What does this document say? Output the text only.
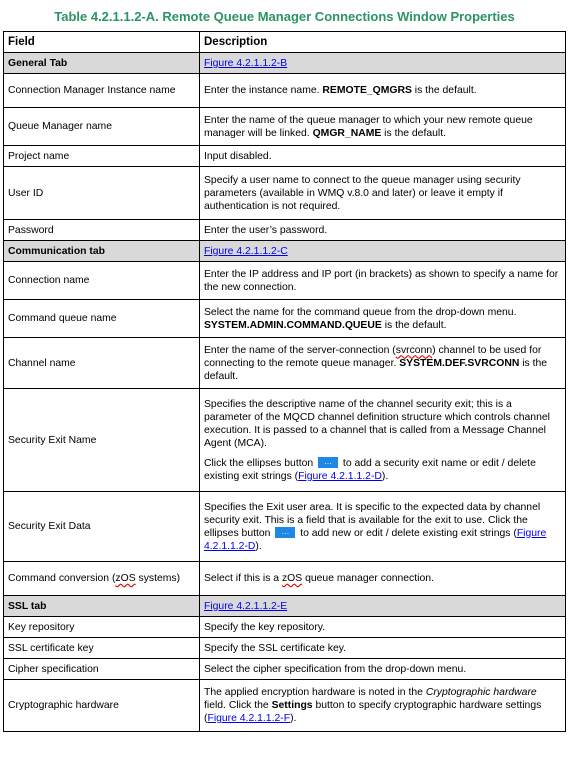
Table 4.2.1.1.2-A. Remote Queue Manager Connections Window Properties
Field	Description
General Tab	Figure 4.2.1.1.2-B
Connection Manager Instance name	Enter the instance name. REMOTE_QMGRS is the default.
Queue Manager name	Enter the name of the queue manager to which your new remote queue manager will be linked. QMGR_NAME is the default.
Project name	Input disabled.
User ID	Specify a user name to connect to the queue manager using security parameters (available in WMQ v.8.0 and later) or leave it empty if authentication is not required.
Password	Enter the user’s password.
Communication tab	Figure 4.2.1.1.2-C
Connection name	Enter the IP address and IP port (in brackets) as shown to specify a name for the new connection.
Command queue name	Select the name for the command queue from the drop-down menu. SYSTEM.ADMIN.COMMAND.QUEUE is the default.
Channel name	Enter the name of the server-connection (svrconn) channel to be used for connecting to the remote queue manager. SYSTEM.DEF.SVRCONN is the default.
Security Exit Name	Specifies the descriptive name of the channel security exit; this is a parameter of the MQCD channel definition structure which controls channel execution. It is passed to a channel that is called from a Message Channel Agent (MCA).

Click the ellipses button … to add a security exit name or edit / delete existing exit strings (Figure 4.2.1.1.2-D).

Security Exit Data	Specifies the Exit user area. It is specific to the expected data by channel security exit. This is a field that is available for the exit to use. Click the ellipses button … to add new or edit / delete existing exit strings (Figure 4.2.1.1.2-D).
Command conversion (zOS systems)	Select if this is a zOS queue manager connection.
SSL tab	Figure 4.2.1.1.2-E
Key repository	Specify the key repository.
SSL certificate key	Specify the SSL certificate key.
Cipher specification	Select the cipher specification from the drop-down menu.
Cryptographic hardware	The applied encryption hardware is noted in the Cryptographic hardware field. Click the Settings button to specify cryptographic hardware settings (Figure 4.2.1.1.2-F).
